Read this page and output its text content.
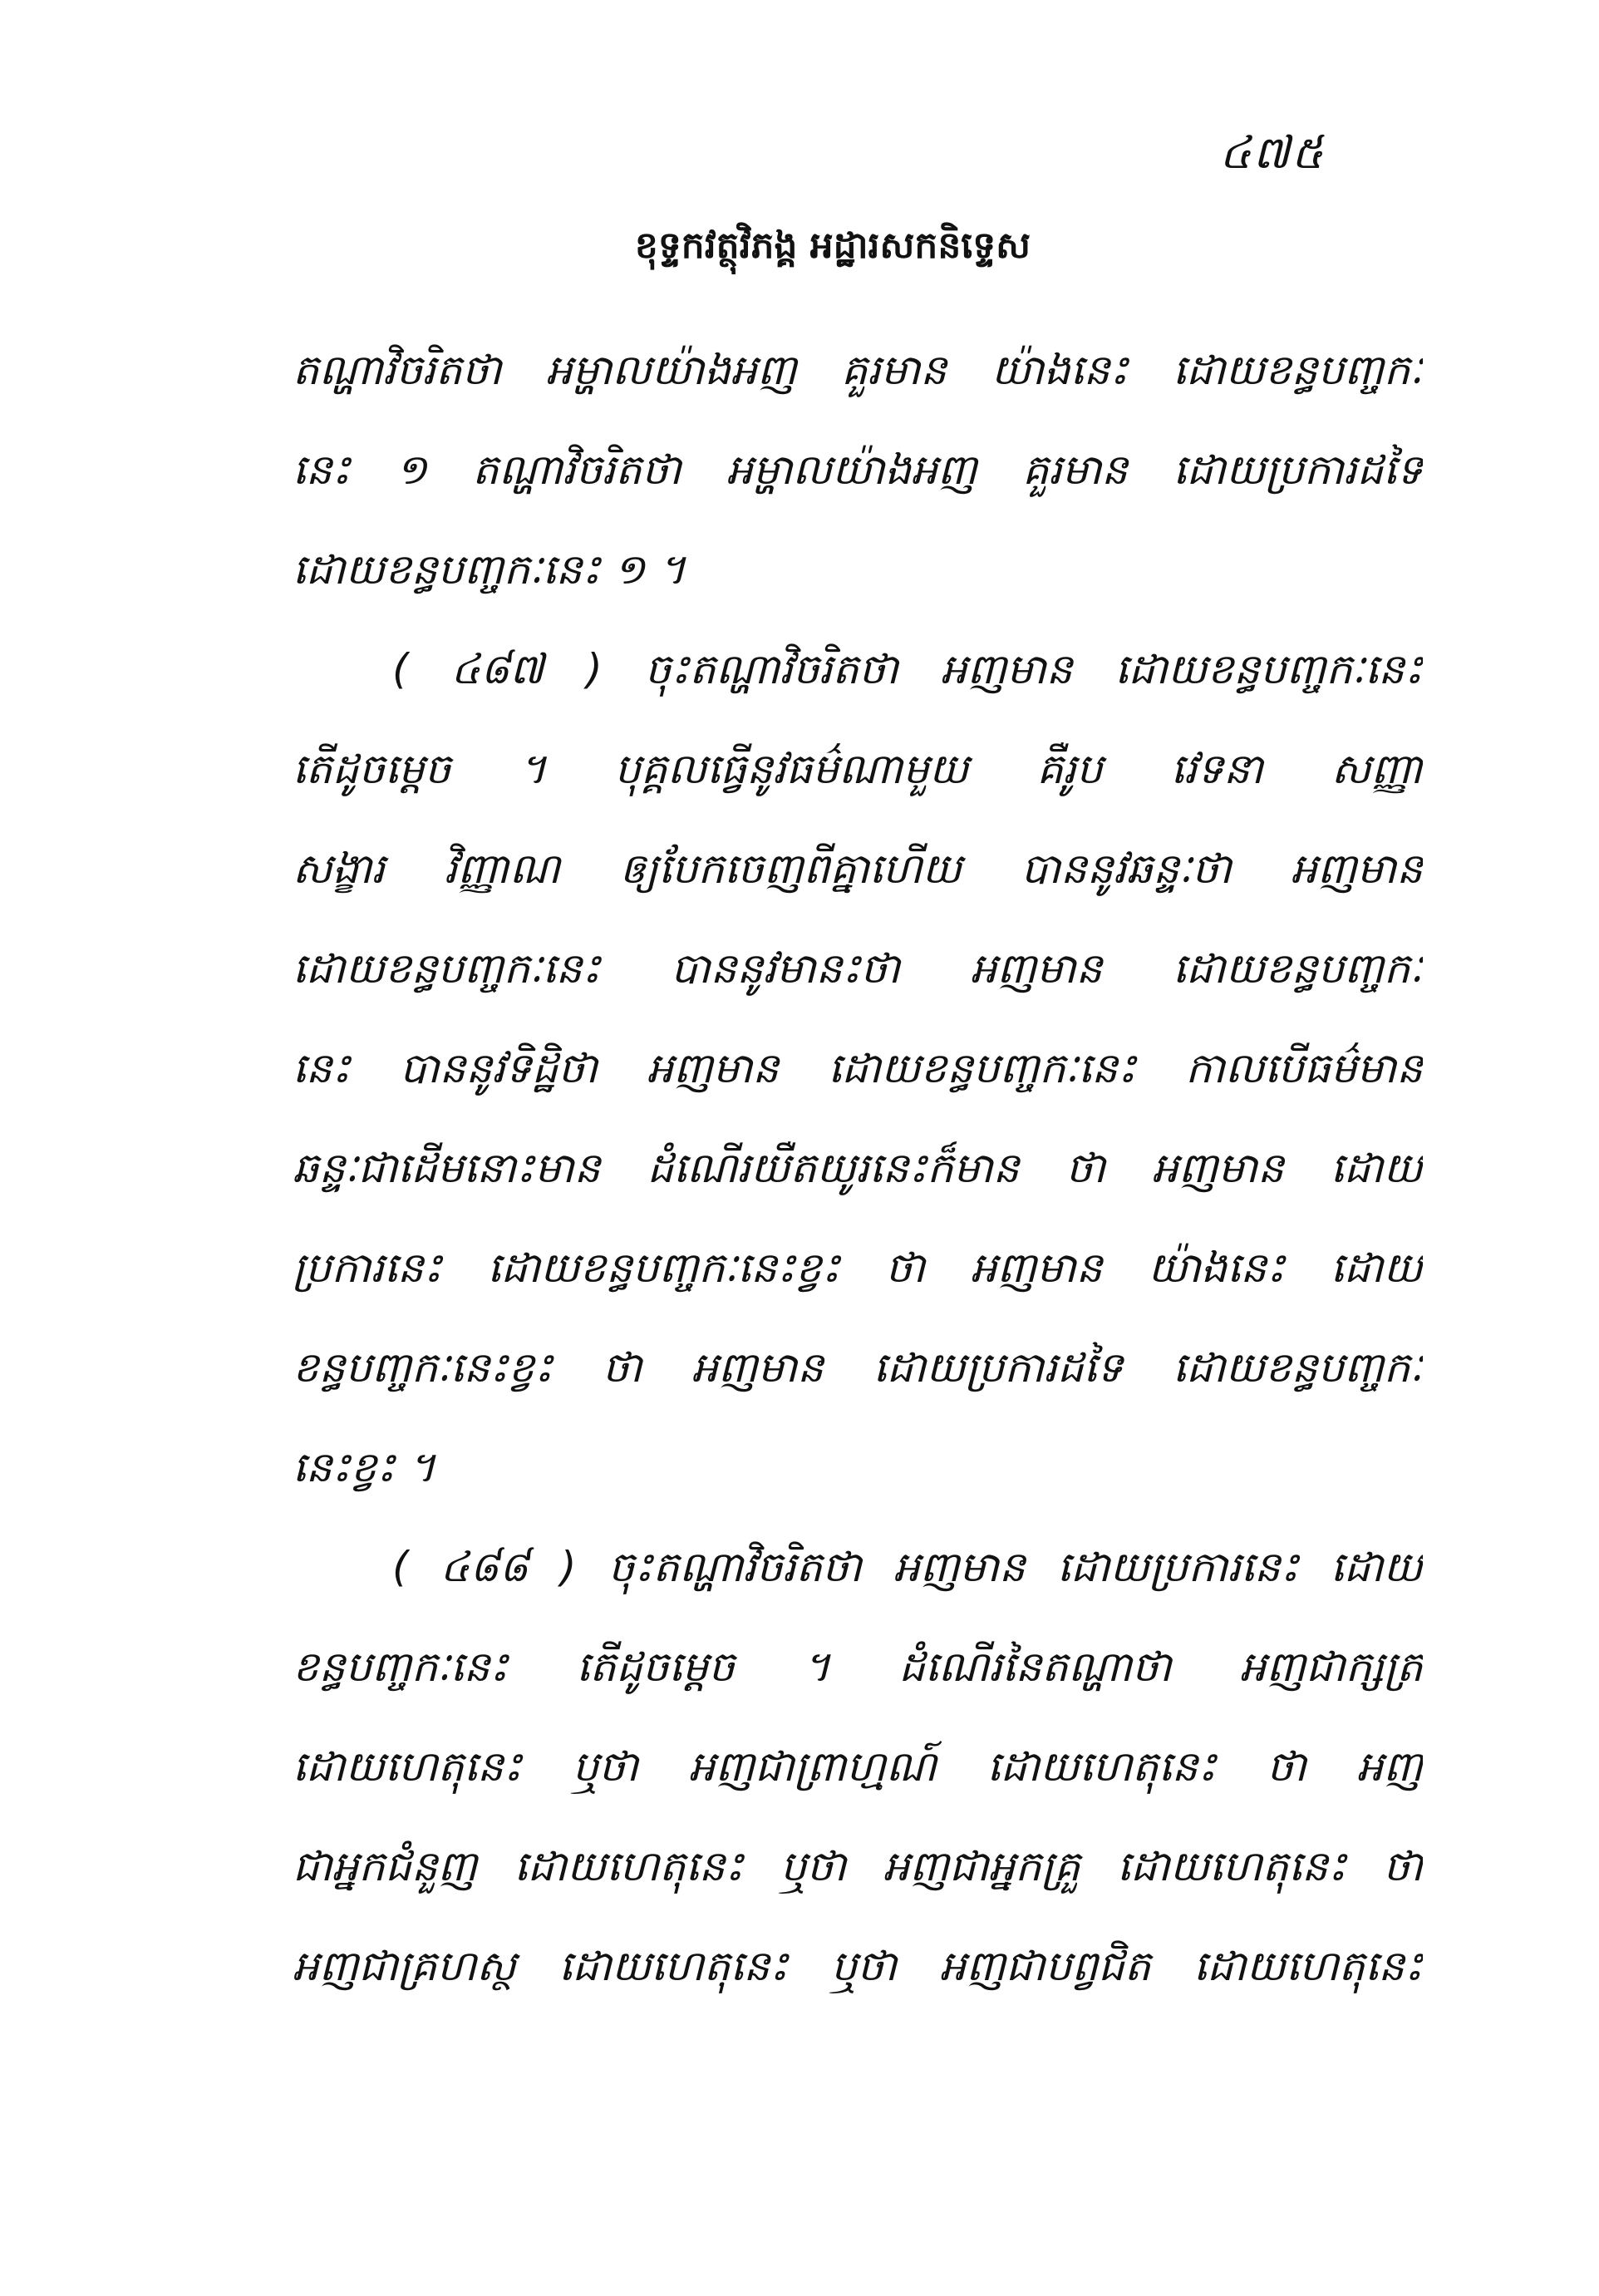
៤៧៥
ខុទ្ទកវត្ថុវិភង្គ អដ្ឋារសកនិទ្ទេស
តណ្ហាវិចរិតថា អម្ហាលយ៉ាងអញ គួរមាន យ៉ាងនេះ ដោយខន្ធបញ្ចកៈ
នេះ ១ តណ្ហាវិចរិតថា អម្ហាលយ៉ាងអញ គួរមាន ដោយប្រការដទៃ
ដោយខន្ធបញ្ចកៈនេះ ១ ។
( ៤៨៧ ) ចុះតណ្ហាវិចរិតថា អញមាន ដោយខន្ធបញ្ចកៈនេះ
តើដូចម្តេច ។ បុគ្គលធ្វើនូវធម៌ណាមួយ គឺរូប វេទនា សញ្ញា
សង្ខារ វិញ្ញាណ ឲ្យបែកចេញពីគ្នាហើយ បាននូវឆន្ទៈថា អញមាន
ដោយខន្ធបញ្ចកៈនេះ បាននូវមានះថា អញមាន ដោយខន្ធបញ្ចកៈ
នេះ បាននូវទិដ្ឋិថា អញមាន ដោយខន្ធបញ្ចកៈនេះ កាលបើធម៌មាន
ឆន្ទៈជាដើមនោះមាន ដំណើរយឺតយូរនេះក៏មាន ថា អញមាន ដោយ
ប្រការនេះ ដោយខន្ធបញ្ចកៈនេះខ្វះ ថា អញមាន យ៉ាងនេះ ដោយ
ខន្ធបញ្ចកៈនេះខ្វះ ថា អញមាន ដោយប្រការដទៃ ដោយខន្ធបញ្ចកៈ
នេះខ្វះ ។
( ៤៨៨ ) ចុះតណ្ហាវិចរិតថា អញមាន ដោយប្រការនេះ ដោយ
ខន្ធបញ្ចកៈនេះ តើដូចម្តេច ។ ដំណើរនៃតណ្ហាថា អញជាក្សត្រ
ដោយហេតុនេះ ឬថា អញជាព្រាហ្មណ៍ ដោយហេតុនេះ ថា អញ
ជាអ្នកជំនួញ ដោយហេតុនេះ ឬថា អញជាអ្នកគ្រួ ដោយហេតុនេះ ថា
អញជាគ្រហស្ថ ដោយហេតុនេះ ឬថា អញជាបព្វជិត ដោយហេតុនេះ
